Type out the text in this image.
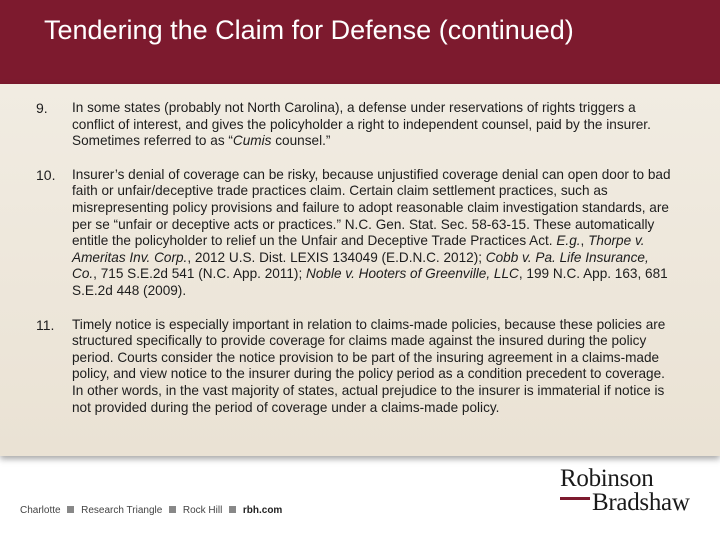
Tendering the Claim for Defense (continued)
9.	In some states (probably not North Carolina), a defense under reservations of rights triggers a conflict of interest, and gives the policyholder a right to independent counsel, paid by the insurer. Sometimes referred to as “Cumis counsel.”
10.	Insurer’s denial of coverage can be risky, because unjustified coverage denial can open door to bad faith or unfair/deceptive trade practices claim. Certain claim settlement practices, such as misrepresenting policy provisions and failure to adopt reasonable claim investigation standards, are per se “unfair or deceptive acts or practices.” N.C. Gen. Stat. Sec. 58-63-15. These automatically entitle the policyholder to relief un the Unfair and Deceptive Trade Practices Act. E.g., Thorpe v. Ameritas Inv. Corp., 2012 U.S. Dist. LEXIS 134049 (E.D.N.C. 2012); Cobb v. Pa. Life Insurance, Co., 715 S.E.2d 541 (N.C. App. 2011); Noble v. Hooters of Greenville, LLC, 199 N.C. App. 163, 681 S.E.2d 448 (2009).
11.	Timely notice is especially important in relation to claims-made policies, because these policies are structured specifically to provide coverage for claims made against the insured during the policy period. Courts consider the notice provision to be part of the insuring agreement in a claims-made policy, and view notice to the insurer during the policy period as a condition precedent to coverage. In other words, in the vast majority of states, actual prejudice to the insurer is immaterial if notice is not provided during the period of coverage under a claims-made policy.
Charlotte Research Triangle Rock Hill rbh.com
Robinson
Bradshaw
